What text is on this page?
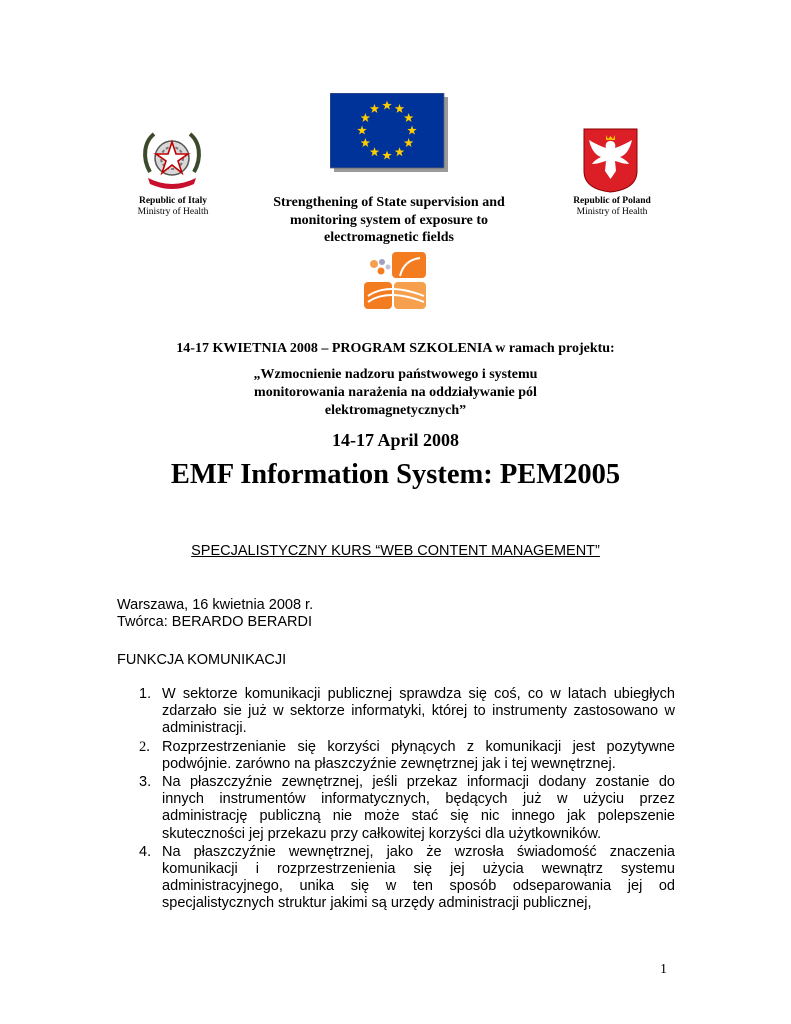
Republic of Italy
Ministry of Health
Republic of Poland
Ministry of Health
Strengthening of State supervision and monitoring system of exposure to electromagnetic fields
14-17 KWIETNIA 2008 – PROGRAM SZKOLENIA w ramach projektu:
„Wzmocnienie nadzoru państwowego i systemu monitorowania narażenia na oddziaływanie pól elektromagnetycznych”
14-17 April 2008
EMF Information System: PEM2005
SPECJALISTYCZNY KURS “WEB CONTENT MANAGEMENT”
Warszawa, 16 kwietnia 2008 r.
Twórca: BERARDO BERARDI
FUNKCJA KOMUNIKACJI
1. W sektorze komunikacji publicznej sprawdza się coś, co w latach ubiegłych zdarzało sie już w sektorze informatyki, której to instrumenty zastosowano w administracji.
2. Rozprzestrzenianie się korzyści płynących z komunikacji jest pozytywne podwójnie. zarówno na płaszczyźnie zewnętrznej jak i tej wewnętrznej.
3. Na płaszczyźnie zewnętrznej, jeśli przekaz informacji dodany zostanie do innych instrumentów informatycznych, będących już w użyciu przez administrację publiczną nie może stać się nic innego jak polepszenie skuteczności jej przekazu przy całkowitej korzyści dla użytkowników.
4. Na płaszczyźnie wewnętrznej, jako że wzrosła świadomość znaczenia komunikacji i rozprzestrzenienia się jej użycia wewnątrz systemu administracyjnego, unika się w ten sposób odseparowania jej od specjalistycznych struktur jakimi są urzędy administracji publicznej,
1
